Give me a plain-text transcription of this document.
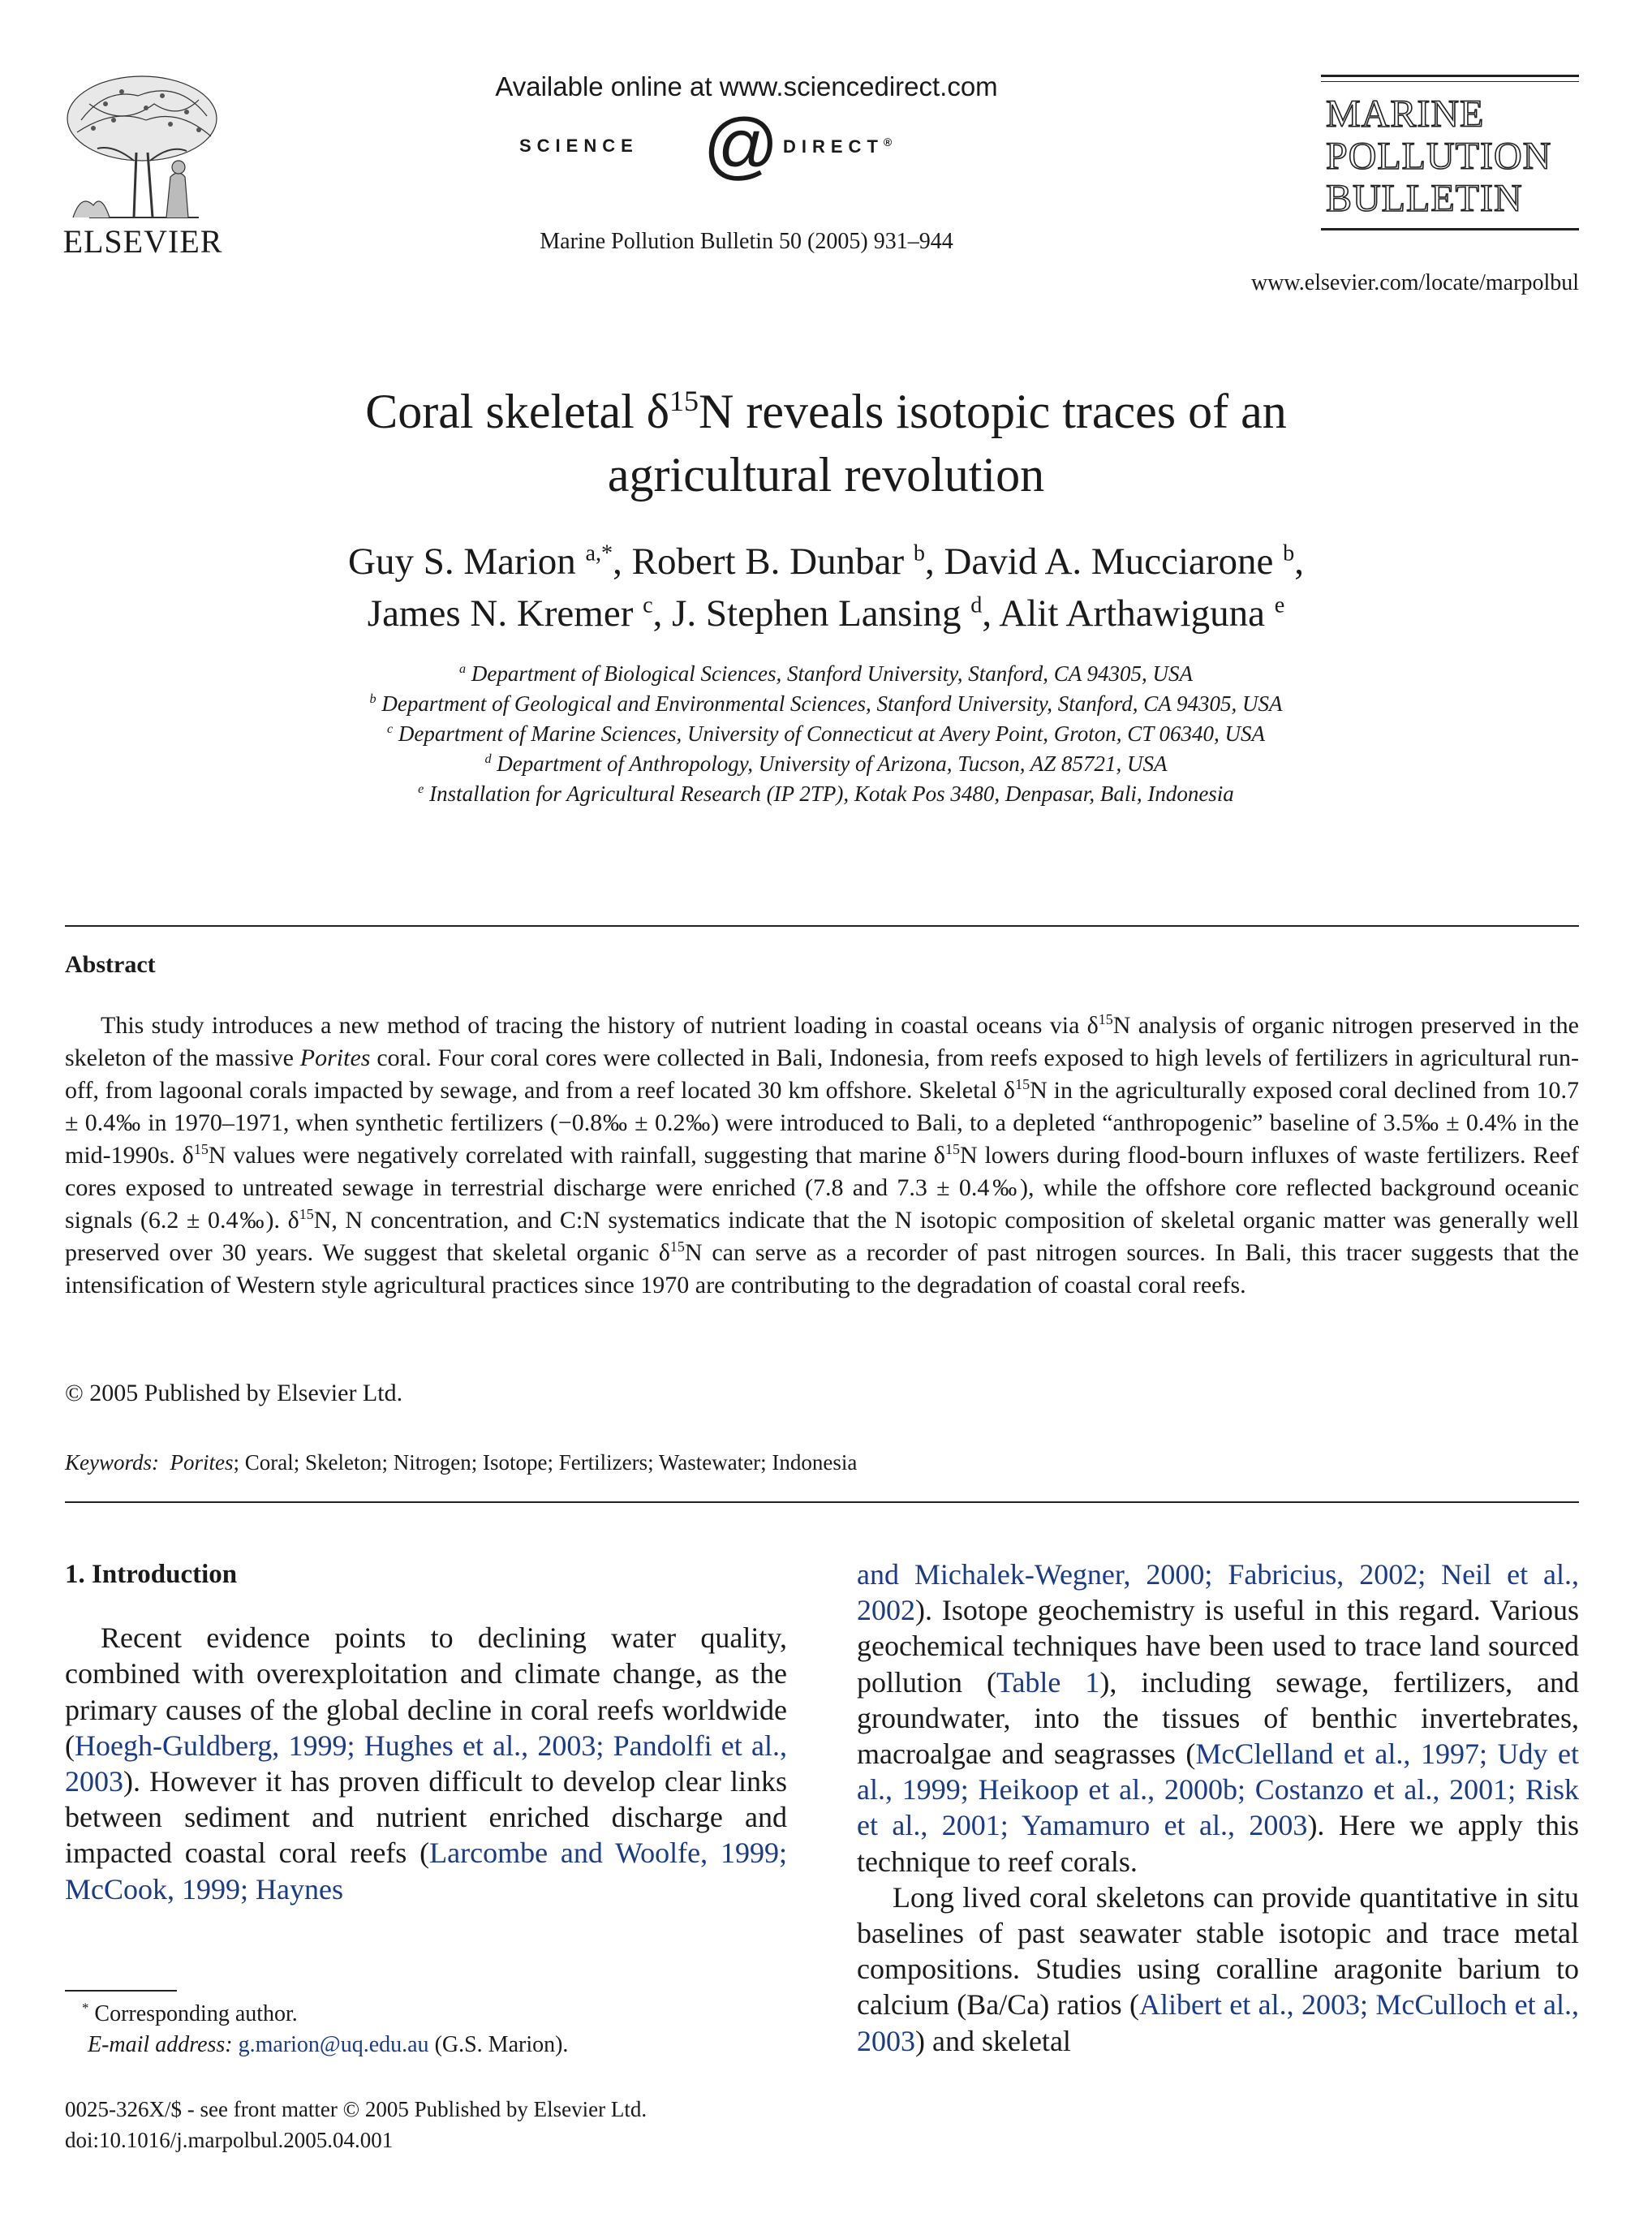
ELSEVIER
Available online at www.sciencedirect.com
SCIENCE @ DIRECT®
Marine Pollution Bulletin 50 (2005) 931–944
MARINE
POLLUTION
BULLETIN
www.elsevier.com/locate/marpolbul
Coral skeletal $\delta^{15}N$ reveals isotopic traces of an
agricultural revolution
Guy S. Marion $^{a,*}$, Robert B. Dunbar $^b$, David A. Mucciarone $^b$,
James N. Kremer $^c$, J. Stephen Lansing $^d$, Alit Arthawiguna $^e$
$^a$ Department of Biological Sciences, Stanford University, Stanford, CA 94305, USA
$^b$ Department of Geological and Environmental Sciences, Stanford University, Stanford, CA 94305, USA
$^c$ Department of Marine Sciences, University of Connecticut at Avery Point, Groton, CT 06340, USA
$^d$ Department of Anthropology, University of Arizona, Tucson, AZ 85721, USA
$^e$ Installation for Agricultural Research (IP 2TP), Kotak Pos 3480, Denpasar, Bali, Indonesia
Abstract
This study introduces a new method of tracing the history of nutrient loading in coastal oceans via $\delta^{15}N$ analysis of organic nitrogen preserved in the skeleton of the massive Porites coral. Four coral cores were collected in Bali, Indonesia, from reefs exposed to high levels of fertilizers in agricultural run-off, from lagoonal corals impacted by sewage, and from a reef located 30 km offshore. Skeletal $\delta^{15}N$ in the agriculturally exposed coral declined from 10.7 ± 0.4‰ in 1970–1971, when synthetic fertilizers (−0.8‰ ± 0.2‰) were introduced to Bali, to a depleted “anthropogenic” baseline of 3.5‰ ± 0.4% in the mid-1990s. $\delta^{15}N$ values were negatively correlated with rainfall, suggesting that marine $\delta^{15}N$ lowers during flood-bourn influxes of waste fertilizers. Reef cores exposed to untreated sewage in terrestrial discharge were enriched (7.8 and 7.3 ± 0.4‰), while the offshore core reflected background oceanic signals (6.2 ± 0.4‰). $\delta^{15}N$, N concentration, and C:N systematics indicate that the N isotopic composition of skeletal organic matter was generally well preserved over 30 years. We suggest that skeletal organic $\delta^{15}N$ can serve as a recorder of past nitrogen sources. In Bali, this tracer suggests that the intensification of Western style agricultural practices since 1970 are contributing to the degradation of coastal coral reefs.
© 2005 Published by Elsevier Ltd.
Keywords: Porites; Coral; Skeleton; Nitrogen; Isotope; Fertilizers; Wastewater; Indonesia
1. Introduction

Recent evidence points to declining water quality, combined with overexploitation and climate change, as the primary causes of the global decline in coral reefs worldwide (Hoegh-Guldberg, 1999; Hughes et al., 2003; Pandolfi et al., 2003). However it has proven difficult to develop clear links between sediment and nutrient enriched discharge and impacted coastal coral reefs (Larcombe and Woolfe, 1999; McCook, 1999; Haynes

and Michalek-Wegner, 2000; Fabricius, 2002; Neil et al., 2002). Isotope geochemistry is useful in this regard. Various geochemical techniques have been used to trace land sourced pollution (Table 1), including sewage, fertilizers, and groundwater, into the tissues of benthic invertebrates, macroalgae and seagrasses (McClelland et al., 1997; Udy et al., 1999; Heikoop et al., 2000b; Costanzo et al., 2001; Risk et al., 2001; Yamamuro et al., 2003). Here we apply this technique to reef corals.

Long lived coral skeletons can provide quantitative in situ baselines of past seawater stable isotopic and trace metal compositions. Studies using coralline aragonite barium to calcium (Ba/Ca) ratios (Alibert et al., 2003; McCulloch et al., 2003) and skeletal

* Corresponding author.
E-mail address: g.marion@uq.edu.au (G.S. Marion).
0025-326X/$ - see front matter © 2005 Published by Elsevier Ltd.
doi:10.1016/j.marpolbul.2005.04.001
